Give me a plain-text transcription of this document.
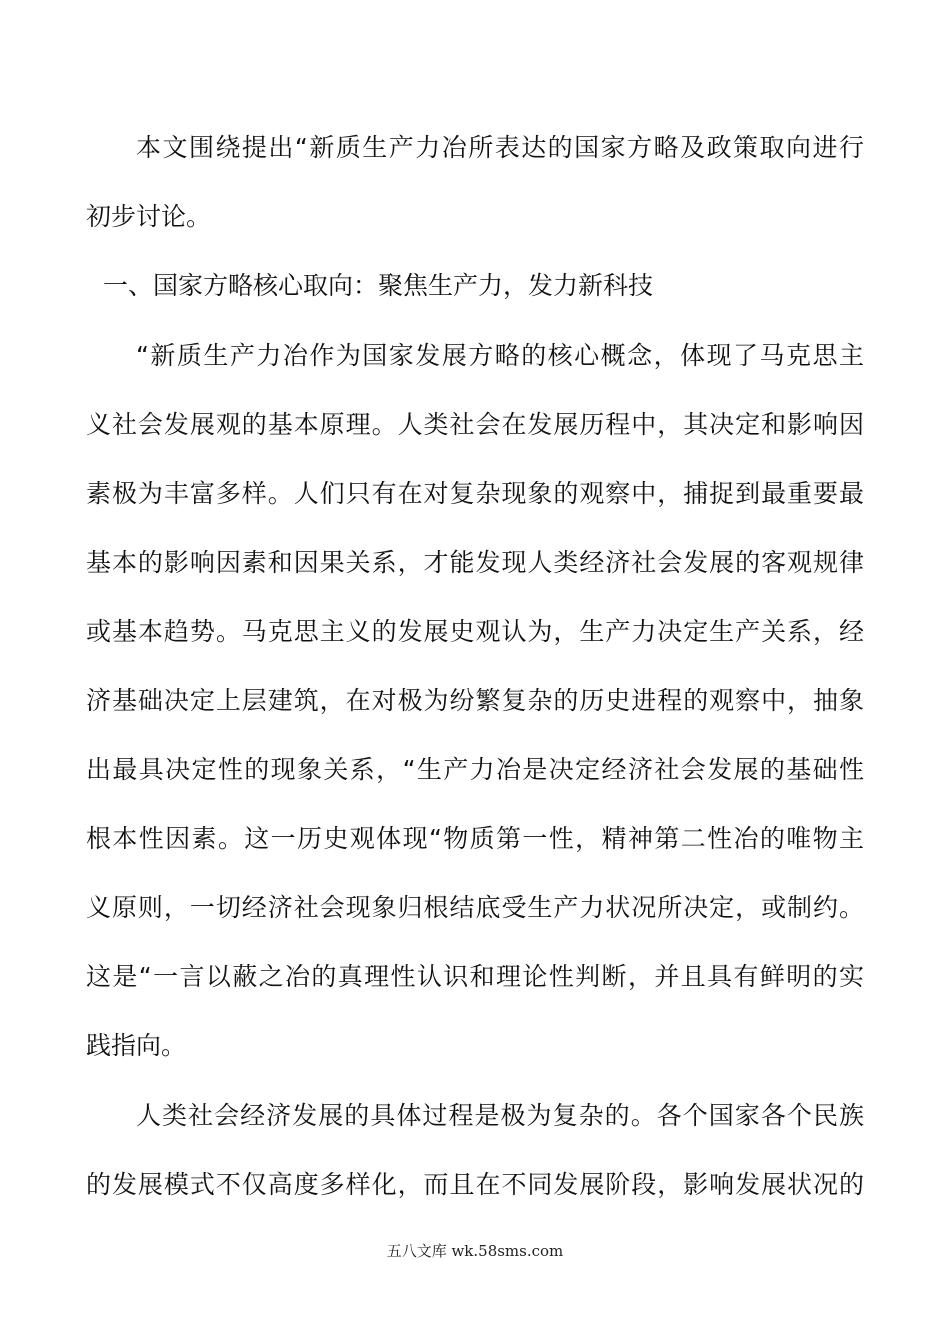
本文围绕提出“新质生产力冶所表达的国家方略及政策取向进行
初步讨论。
一、国家方略核心取向：聚焦生产力，发力新科技
“新质生产力冶作为国家发展方略的核心概念，体现了马克思主
义社会发展观的基本原理。人类社会在发展历程中，其决定和影响因
素极为丰富多样。人们只有在对复杂现象的观察中，捕捉到最重要最
基本的影响因素和因果关系，才能发现人类经济社会发展的客观规律
或基本趋势。马克思主义的发展史观认为，生产力决定生产关系，经
济基础决定上层建筑，在对极为纷繁复杂的历史进程的观察中，抽象
出最具决定性的现象关系，“生产力冶是决定经济社会发展的基础性
根本性因素。这一历史观体现“物质第一性，精神第二性冶的唯物主
义原则，一切经济社会现象归根结底受生产力状况所决定，或制约。
这是“一言以蔽之冶的真理性认识和理论性判断，并且具有鲜明的实
践指向。
人类社会经济发展的具体过程是极为复杂的。各个国家各个民族
的发展模式不仅高度多样化，而且在不同发展阶段，影响发展状况的
五八文库 wk.58sms.com
